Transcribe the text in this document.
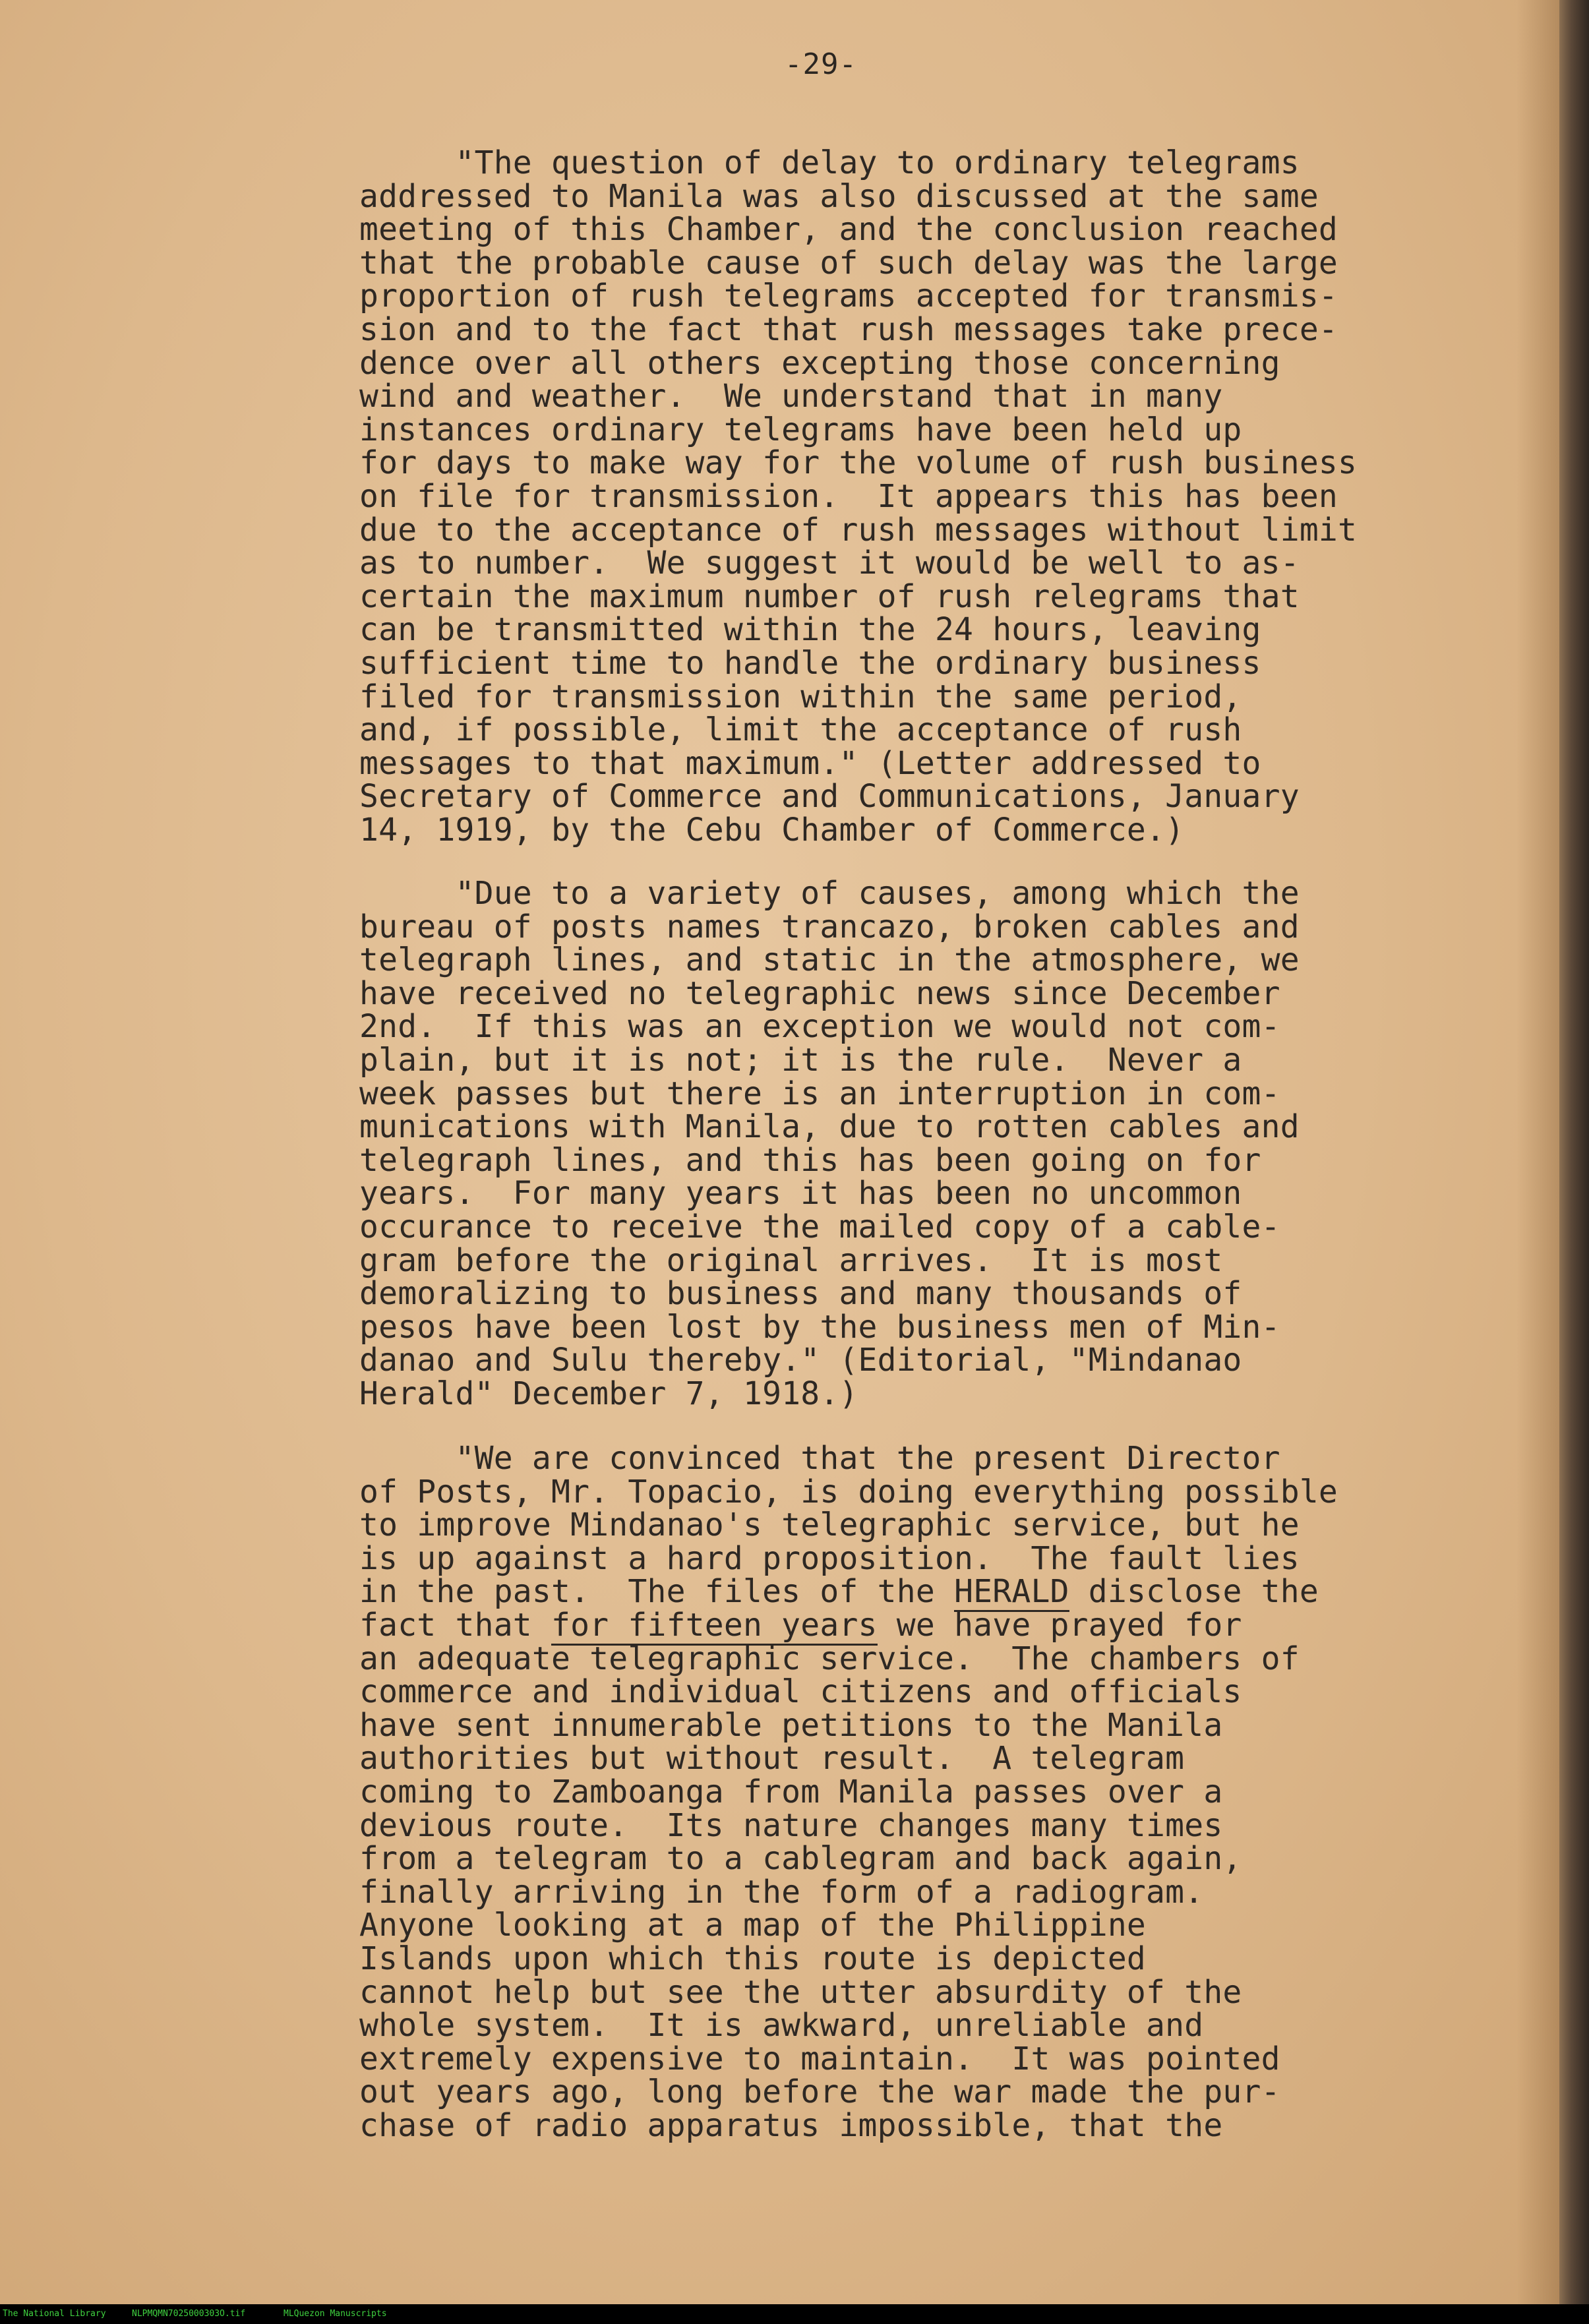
-29-

"The question of delay to ordinary telegrams
addressed to Manila was also discussed at the same
meeting of this Chamber, and the conclusion reached
that the probable cause of such delay was the large
proportion of rush telegrams accepted for transmis-
sion and to the fact that rush messages take prece-
dence over all others excepting those concerning
wind and weather.  We understand that in many
instances ordinary telegrams have been held up
for days to make way for the volume of rush business
on file for transmission.  It appears this has been
due to the acceptance of rush messages without limit
as to number.  We suggest it would be well to as-
certain the maximum number of rush relegrams that
can be transmitted within the 24 hours, leaving
sufficient time to handle the ordinary business
filed for transmission within the same period,
and, if possible, limit the acceptance of rush
messages to that maximum." (Letter addressed to
Secretary of Commerce and Communications, January
14, 1919, by the Cebu Chamber of Commerce.)

"Due to a variety of causes, among which the
bureau of posts names trancazo, broken cables and
telegraph lines, and static in the atmosphere, we
have received no telegraphic news since December
2nd.  If this was an exception we would not com-
plain, but it is not; it is the rule.  Never a
week passes but there is an interruption in com-
munications with Manila, due to rotten cables and
telegraph lines, and this has been going on for
years.  For many years it has been no uncommon
occurance to receive the mailed copy of a cable-
gram before the original arrives.  It is most
demoralizing to business and many thousands of
pesos have been lost by the business men of Min-
danao and Sulu thereby." (Editorial, "Mindanao
Herald" December 7, 1918.)

"We are convinced that the present Director
of Posts, Mr. Topacio, is doing everything possible
to improve Mindanao's telegraphic service, but he
is up against a hard proposition.  The fault lies
in the past.  The files of the HERALD disclose the
fact that for fifteen years we have prayed for
an adequate telegraphic service.  The chambers of
commerce and individual citizens and officials
have sent innumerable petitions to the Manila
authorities but without result.  A telegram
coming to Zamboanga from Manila passes over a
devious route.  Its nature changes many times
from a telegram to a cablegram and back again,
finally arriving in the form of a radiogram.
Anyone looking at a map of the Philippine
Islands upon which this route is depicted
cannot help but see the utter absurdity of the
whole system.  It is awkward, unreliable and
extremely expensive to maintain.  It was pointed
out years ago, long before the war made the pur-
chase of radio apparatus impossible, that the

The National Library	NLPMQMN7025000303O.tif	MLQuezon Manuscripts
